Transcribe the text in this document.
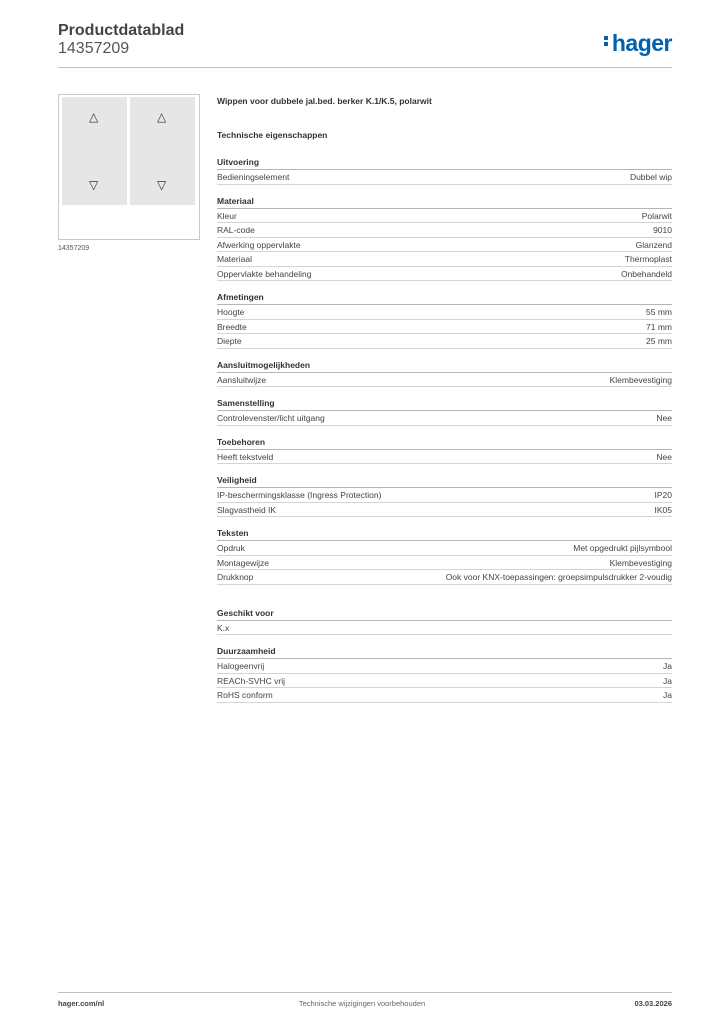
Productdatablad
14357209	hager
△
▽
△
▽
14357209
Wippen voor dubbele jal.bed. berker K.1/K.5, polarwit
Technische eigenschappen
Uitvoering
Bedieningselement	Dubbel wip
Materiaal
Kleur	Polarwit
RAL-code	9010
Afwerking oppervlakte	Glanzend
Materiaal	Thermoplast
Oppervlakte behandeling	Onbehandeld
Afmetingen
Hoogte	55 mm
Breedte	71 mm
Diepte	25 mm
Aansluitmogelijkheden
Aansluitwijze	Klembevestiging
Samenstelling
Controlevenster/licht uitgang	Nee
Toebehoren
Heeft tekstveld	Nee
Veiligheid
IP-beschermingsklasse (Ingress Protection)	IP20
Slagvastheid IK	IK05
Teksten
Opdruk	Met opgedrukt pijlsymbool
Montagewijze	Klembevestiging
Drukknop	Ook voor KNX-toepassingen: groepsimpulsdrukker 2-voudig
Geschikt voor
K.x
Duurzaamheid
Halogeenvrij	Ja
REACh-SVHC vrij	Ja
RoHS conform	Ja
hager.com/nl	Technische wijzigingen voorbehouden	03.03.2026
